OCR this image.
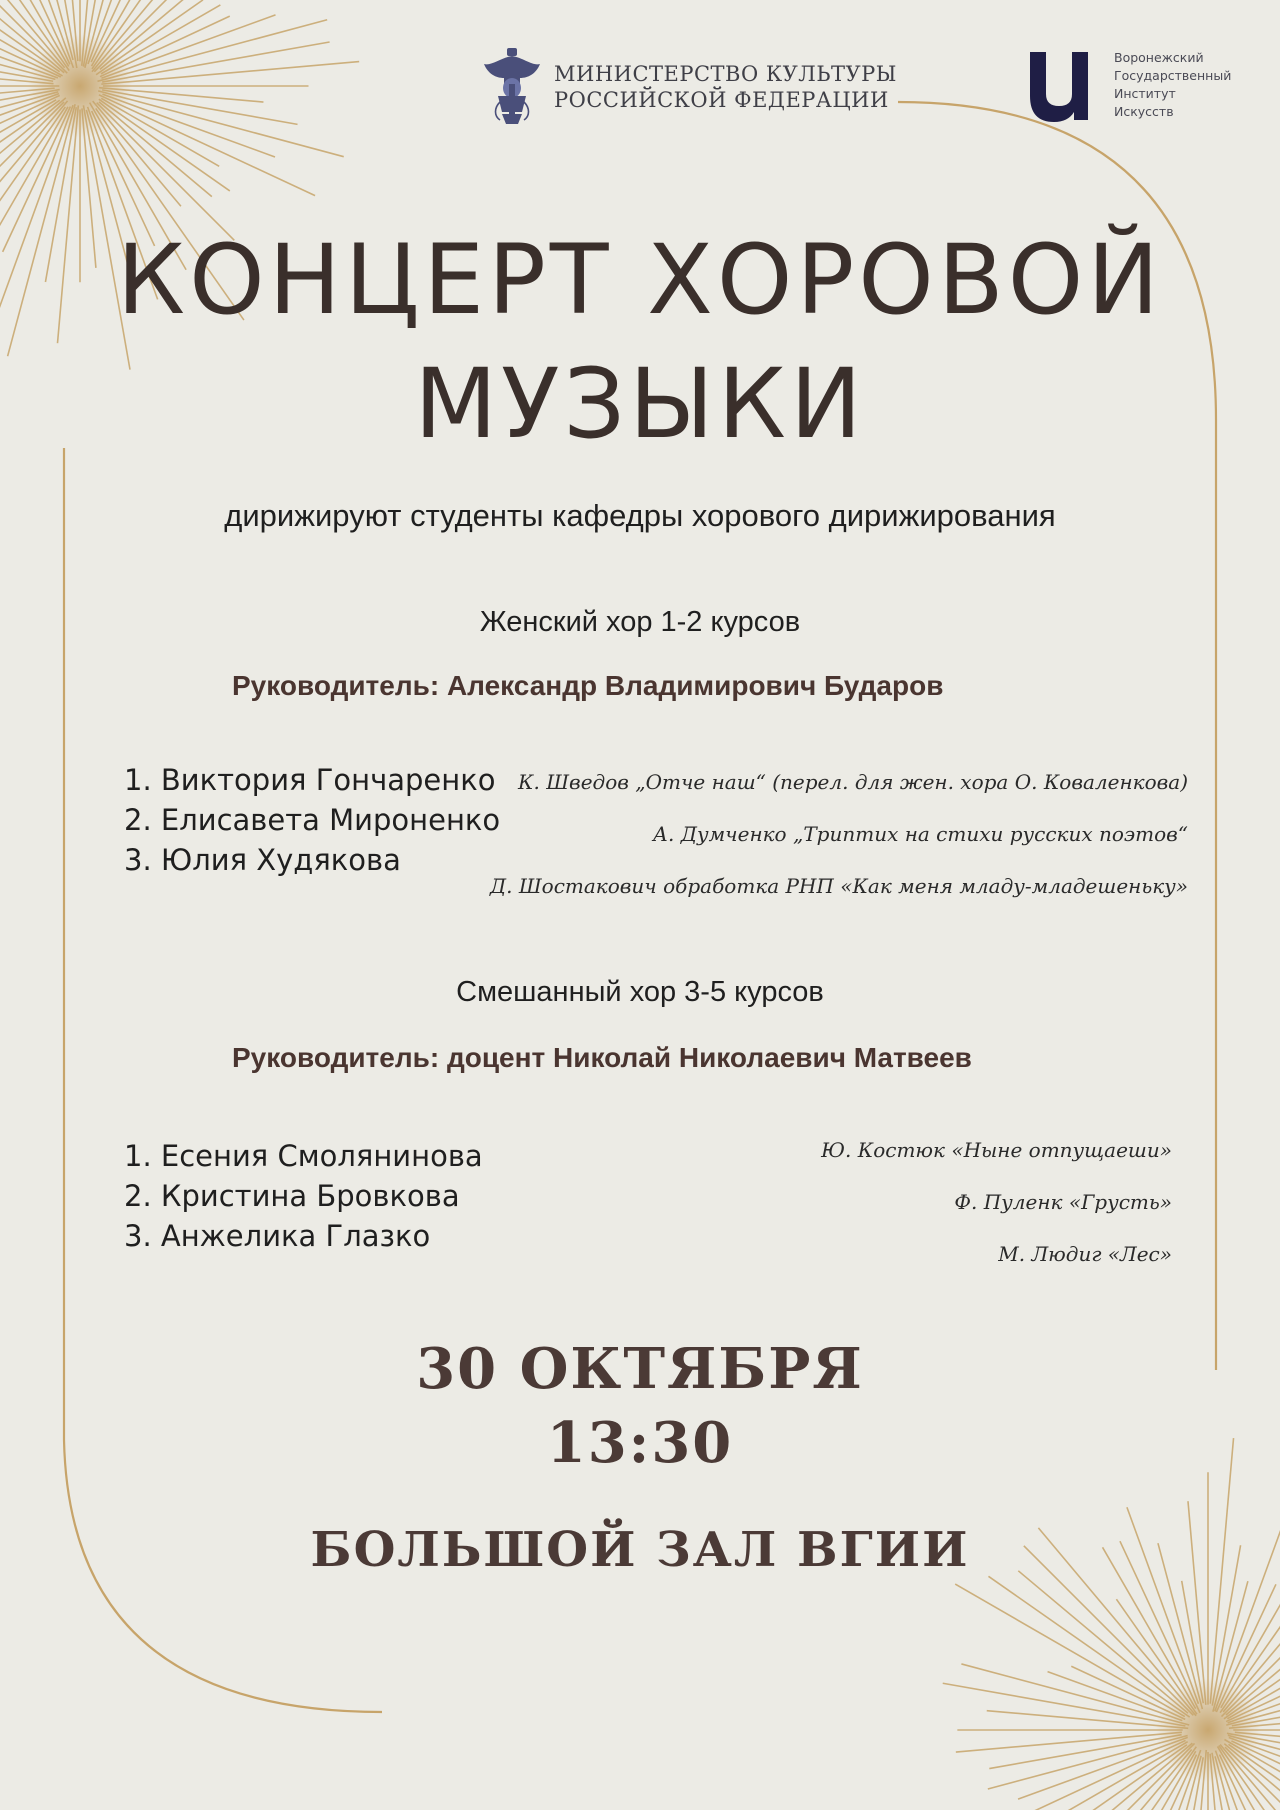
МИНИСТЕРСТВО КУЛЬТУРЫ
РОССИЙСКОЙ ФЕДЕРАЦИИ
Воронежский
Государственный
Институт
Искусств
КОНЦЕРТ ХОРОВОЙ
МУЗЫКИ
дирижируют студенты кафедры хорового дирижирования
Женский хор 1-2 курсов
Руководитель: Александр Владимирович Бударов
1. Виктория Гончаренко
2. Елисавета Мироненко
3. Юлия Худякова
К. Шведов „Отче наш“ (перел. для жен. хора О. Коваленкова)
А. Думченко „Триптих на стихи русских поэтов“
Д. Шостакович обработка РНП «Как меня младу-младешеньку»
Смешанный хор 3-5 курсов
Руководитель: доцент Николай Николаевич Матвеев
1. Есения Смолянинова
2. Кристина Бровкова
3. Анжелика Глазко
Ю. Костюк «Ныне отпущаеши»
Ф. Пуленк «Грусть»
М. Людиг «Лес»
30 ОКТЯБРЯ
13:30
БОЛЬШОЙ ЗАЛ ВГИИ
